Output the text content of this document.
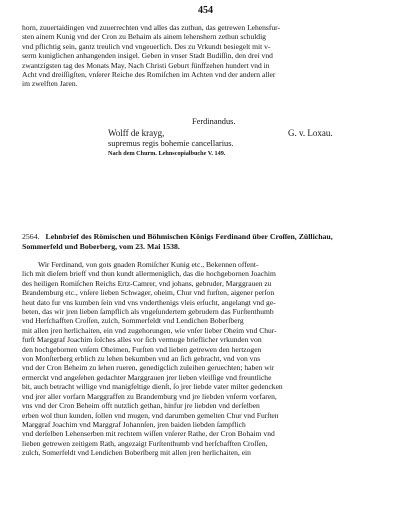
454
horn, zuuertaidingen vnd zuuerrechten vnd alles das zuthun, das getrewen Lehensfur-
sten ainem Kunig vnd der Cron zu Behaim als ainem lehenshern zethun schuldig
vnd pflichtig sein, gantz treulich vnd vngeuerlich. Des zu Vrkundt besiegelt mit v-
serm kuniglichen anhangenden insigel. Geben in vnser Stadt Budiſſin, den drei vnd
zwantzigsten tag des Monats May, Nach Christi Geburt fünffzehen hundert vnd in
Acht vnd dreiſſigſten, vnſerer Reiche des Romiſchen im Achten vnd der andern aller
im zwelften Jaren.
Ferdinandus.
Wolff de krayg,	G. v. Loxau.
supremus regis bohemie cancellarius.
Nach dem Churm. Lehnscopialbuche V. 149.
2564. Lehnbrief des Römischen und Böhmischen Königs Ferdinand über Croſſen, Züllichau,
Sommerfeld und Boberberg, vom 23. Mai 1538.
Wir Ferdinand, von gots gnaden Romiſcher Kunig etc., Bekennen offent-
lich mit dieſem brieff vnd thun kundt allermeniglich, das die hochgebornen Joachim
des heiligen Romiſchen Reichs Ertz-Camrer, vnd johans, gebruder, Marggrauen zu
Brandemburg etc., vnſere lieben Schwager, oheim, Chur vnd furſten, aigener perſon
heut dato fur vns kumben ſein vnd vns vnderthenigs vleis erſucht, angelangt vnd ge-
beten, das wir jren lieben ſampflich als vngeſundertem gebrudern das Furſtenthumb
vnd Herſchafften Croſſen, zulch, Sommerfeldt vnd Lendichen Boberſberg
mit allen jren herlichaiten, ein vnd zugehorungen, wie vnſer lieber Oheim vnd Chur-
furſt Marggraf Joachim ſolches alles vor ſich vermuge brieflicher vrkunden von
den hochgebornen vnſern Oheimen, Furſten vnd lieben getrewen den hertzogen
von Monſterberg erblich zu lehen bekumben vnd an ſich gebracht, vnd von vns
vnd der Cron Beheim zu lehen rueren, genedigclich zuleihen geruechten; haben wir
ermerckt vnd angeſehen gedachter Marggrauen jrer lieben vleiſſige vnd freuntliche
bit, auch betracht willige vnd manigfeltige dienſt, ſo jrer liebde vater milter gedencken
vnd jrer aller vorfarn Marggraffen zu Brandemburg vnd jre liebden vnſerm vorfaren,
vns vnd der Cron Beheim offt nutzlich gethan, hinfur jre liebden vnd derſelben
erben wol thun kunden, ſollen vnd mugen, vnd darumben gemelten Chur vnd Furſten
Marggraf Joachim vnd Marggraf Johannſen, jren baiden liebden ſampflich
vnd derſelben Lehenserben mit rechtem wiſſen vnſerer Rathe, der Cron Bohaim vnd
lieben getrewen zeitigem Rath, angezaigt Furſtenthumb vnd herſchafften Croſſen,
zulch, Somerfeldt vnd Lendichen Boberſberg mit allen jren herlichaiten, ein
